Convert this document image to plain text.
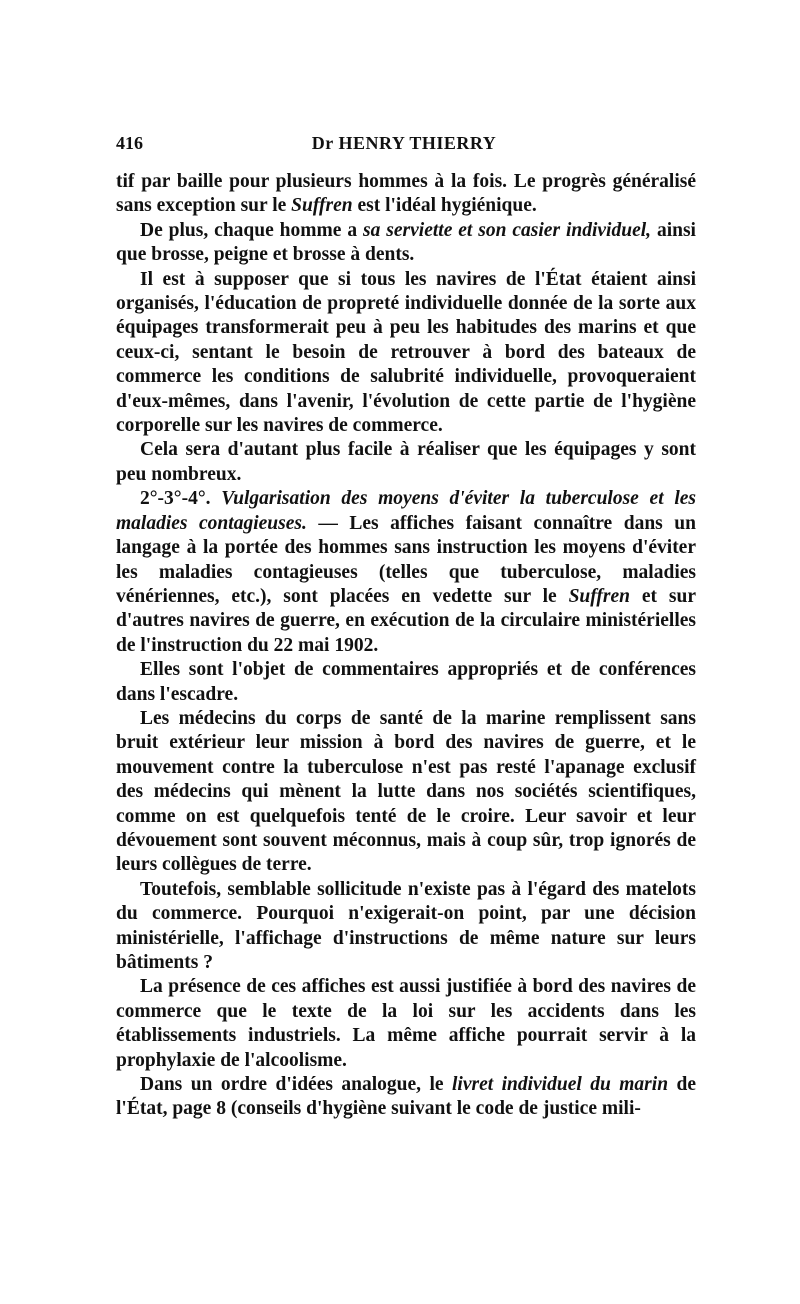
416	Dr HENRY THIERRY

tif par baille pour plusieurs hommes à la fois. Le progrès généralisé sans exception sur le Suffren est l'idéal hygiénique.

De plus, chaque homme a sa serviette et son casier individuel, ainsi que brosse, peigne et brosse à dents.

Il est à supposer que si tous les navires de l'État étaient ainsi organisés, l'éducation de propreté individuelle donnée de la sorte aux équipages transformerait peu à peu les habitudes des marins et que ceux-ci, sentant le besoin de retrouver à bord des bateaux de commerce les conditions de salubrité individuelle, provoqueraient d'eux-mêmes, dans l'avenir, l'évolution de cette partie de l'hygiène corporelle sur les navires de commerce.

Cela sera d'autant plus facile à réaliser que les équipages y sont peu nombreux.

2°-3°-4°. Vulgarisation des moyens d'éviter la tuberculose et les maladies contagieuses. — Les affiches faisant connaître dans un langage à la portée des hommes sans instruction les moyens d'éviter les maladies contagieuses (telles que tuberculose, maladies vénériennes, etc.), sont placées en vedette sur le Suffren et sur d'autres navires de guerre, en exécution de la circulaire ministérielles de l'instruction du 22 mai 1902.

Elles sont l'objet de commentaires appropriés et de conférences dans l'escadre.

Les médecins du corps de santé de la marine remplissent sans bruit extérieur leur mission à bord des navires de guerre, et le mouvement contre la tuberculose n'est pas resté l'apanage exclusif des médecins qui mènent la lutte dans nos sociétés scientifiques, comme on est quelquefois tenté de le croire. Leur savoir et leur dévouement sont souvent méconnus, mais à coup sûr, trop ignorés de leurs collègues de terre.

Toutefois, semblable sollicitude n'existe pas à l'égard des matelots du commerce. Pourquoi n'exigerait-on point, par une décision ministérielle, l'affichage d'instructions de même nature sur leurs bâtiments ?

La présence de ces affiches est aussi justifiée à bord des navires de commerce que le texte de la loi sur les accidents dans les établissements industriels. La même affiche pourrait servir à la prophylaxie de l'alcoolisme.

Dans un ordre d'idées analogue, le livret individuel du marin de l'État, page 8 (conseils d'hygiène suivant le code de justice mili-
